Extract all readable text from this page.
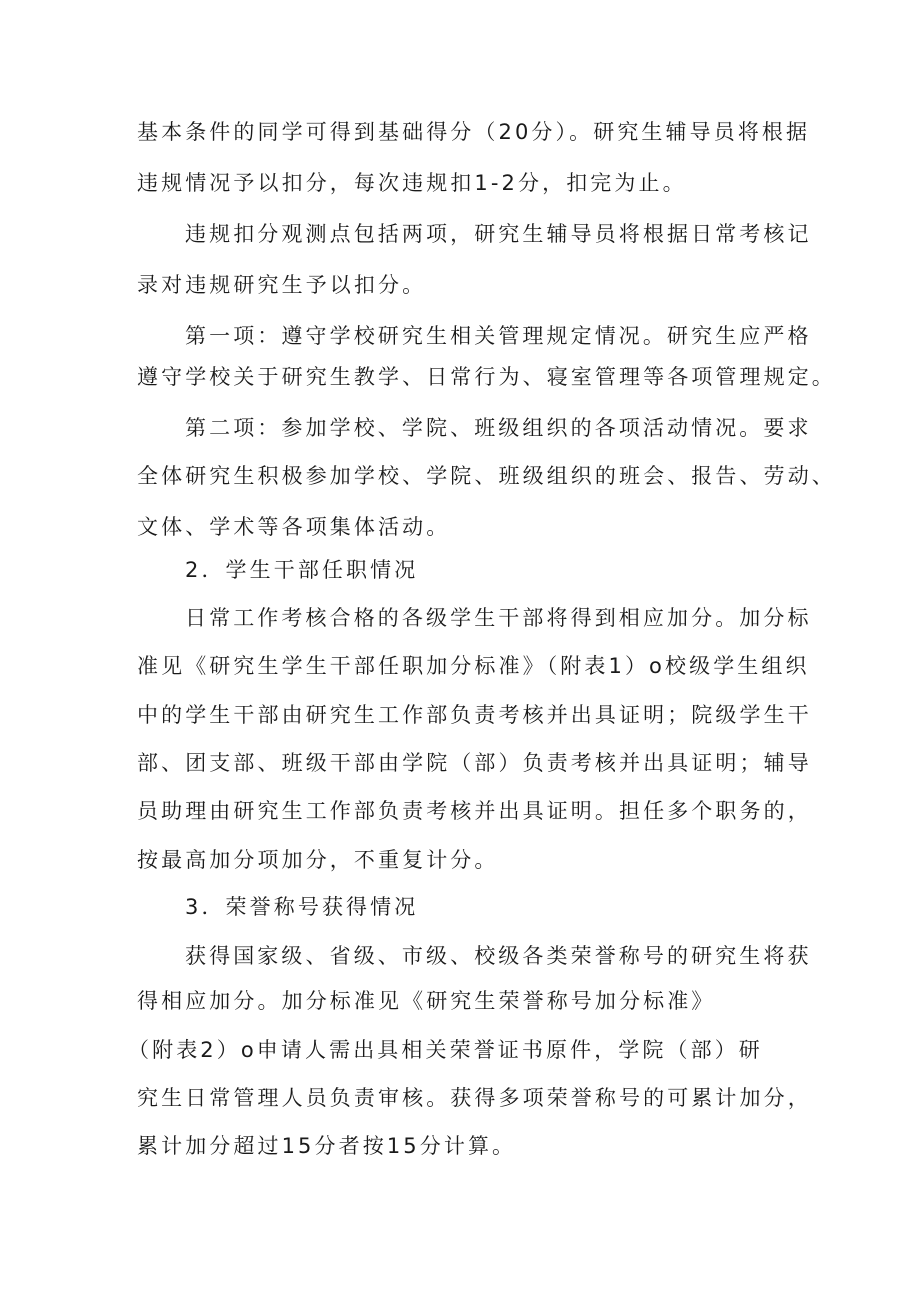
基本条件的同学可得到基础得分（20分）。研究生辅导员将根据
违规情况予以扣分，每次违规扣1-2分，扣完为止。
违规扣分观测点包括两项，研究生辅导员将根据日常考核记
录对违规研究生予以扣分。
第一项：遵守学校研究生相关管理规定情况。研究生应严格
遵守学校关于研究生教学、日常行为、寝室管理等各项管理规定。
第二项：参加学校、学院、班级组织的各项活动情况。要求
全体研究生积极参加学校、学院、班级组织的班会、报告、劳动、
文体、学术等各项集体活动。
2．学生干部任职情况
日常工作考核合格的各级学生干部将得到相应加分。加分标
准见《研究生学生干部任职加分标准》（附表1）o校级学生组织
中的学生干部由研究生工作部负责考核并出具证明；院级学生干
部、团支部、班级干部由学院（部）负责考核并出具证明；辅导
员助理由研究生工作部负责考核并出具证明。担任多个职务的，
按最高加分项加分，不重复计分。
3．荣誉称号获得情况
获得国家级、省级、市级、校级各类荣誉称号的研究生将获
得相应加分。加分标准见《研究生荣誉称号加分标准》
（附表2）o申请人需出具相关荣誉证书原件，学院（部）研
究生日常管理人员负责审核。获得多项荣誉称号的可累计加分，
累计加分超过15分者按15分计算。
